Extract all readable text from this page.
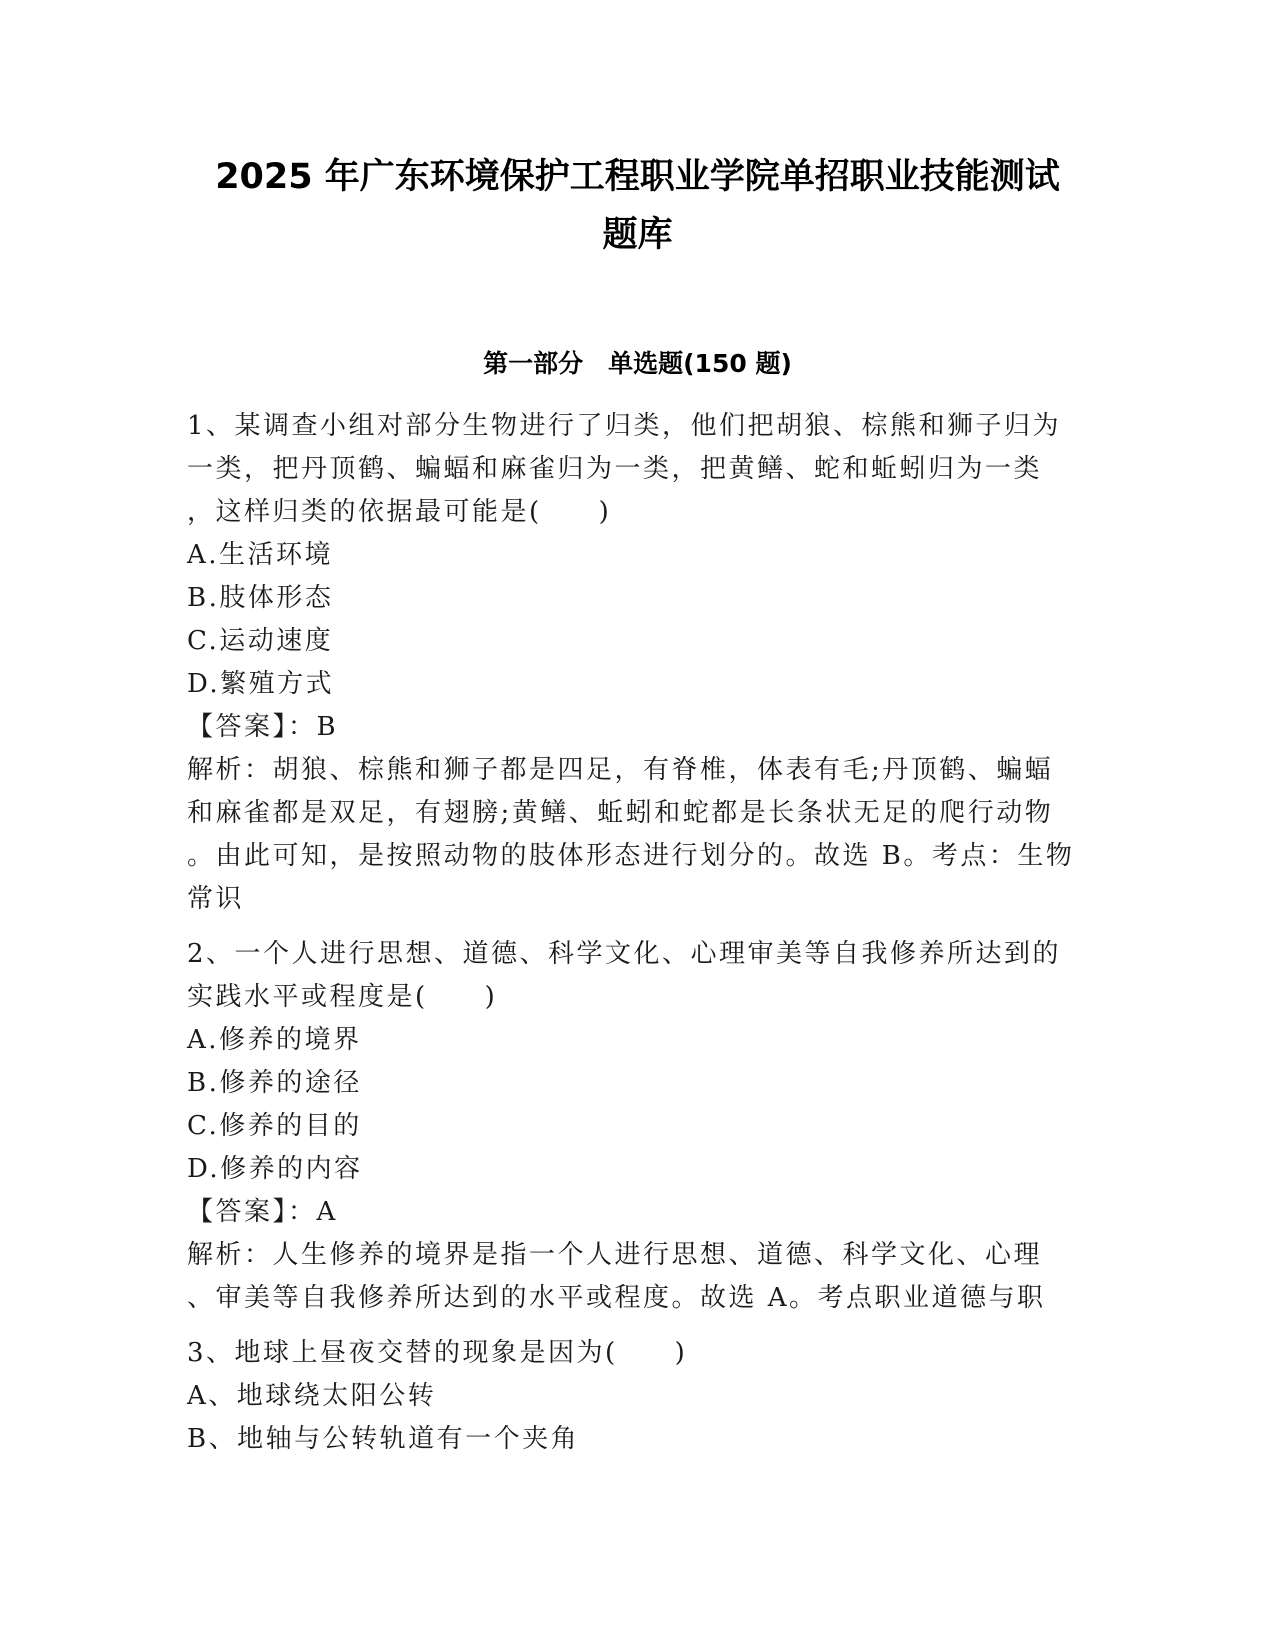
2025 年广东环境保护工程职业学院单招职业技能测试
题库
第一部分　单选题(150 题)
1、某调查小组对部分生物进行了归类，他们把胡狼、棕熊和狮子归为
一类，把丹顶鹤、蝙蝠和麻雀归为一类，把黄鳝、蛇和蚯蚓归为一类
，这样归类的依据最可能是(　　)
A.生活环境
B.肢体形态
C.运动速度
D.繁殖方式
【答案】：B
解析：胡狼、棕熊和狮子都是四足，有脊椎，体表有毛;丹顶鹤、蝙蝠
和麻雀都是双足，有翅膀;黄鳝、蚯蚓和蛇都是长条状无足的爬行动物
。由此可知，是按照动物的肢体形态进行划分的。故选 B。考点：生物
常识
2、一个人进行思想、道德、科学文化、心理审美等自我修养所达到的
实践水平或程度是(　　)
A.修养的境界
B.修养的途径
C.修养的目的
D.修养的内容
【答案】：A
解析：人生修养的境界是指一个人进行思想、道德、科学文化、心理
、审美等自我修养所达到的水平或程度。故选 A。考点职业道德与职
3、地球上昼夜交替的现象是因为(　　)
A、地球绕太阳公转
B、地轴与公转轨道有一个夹角
